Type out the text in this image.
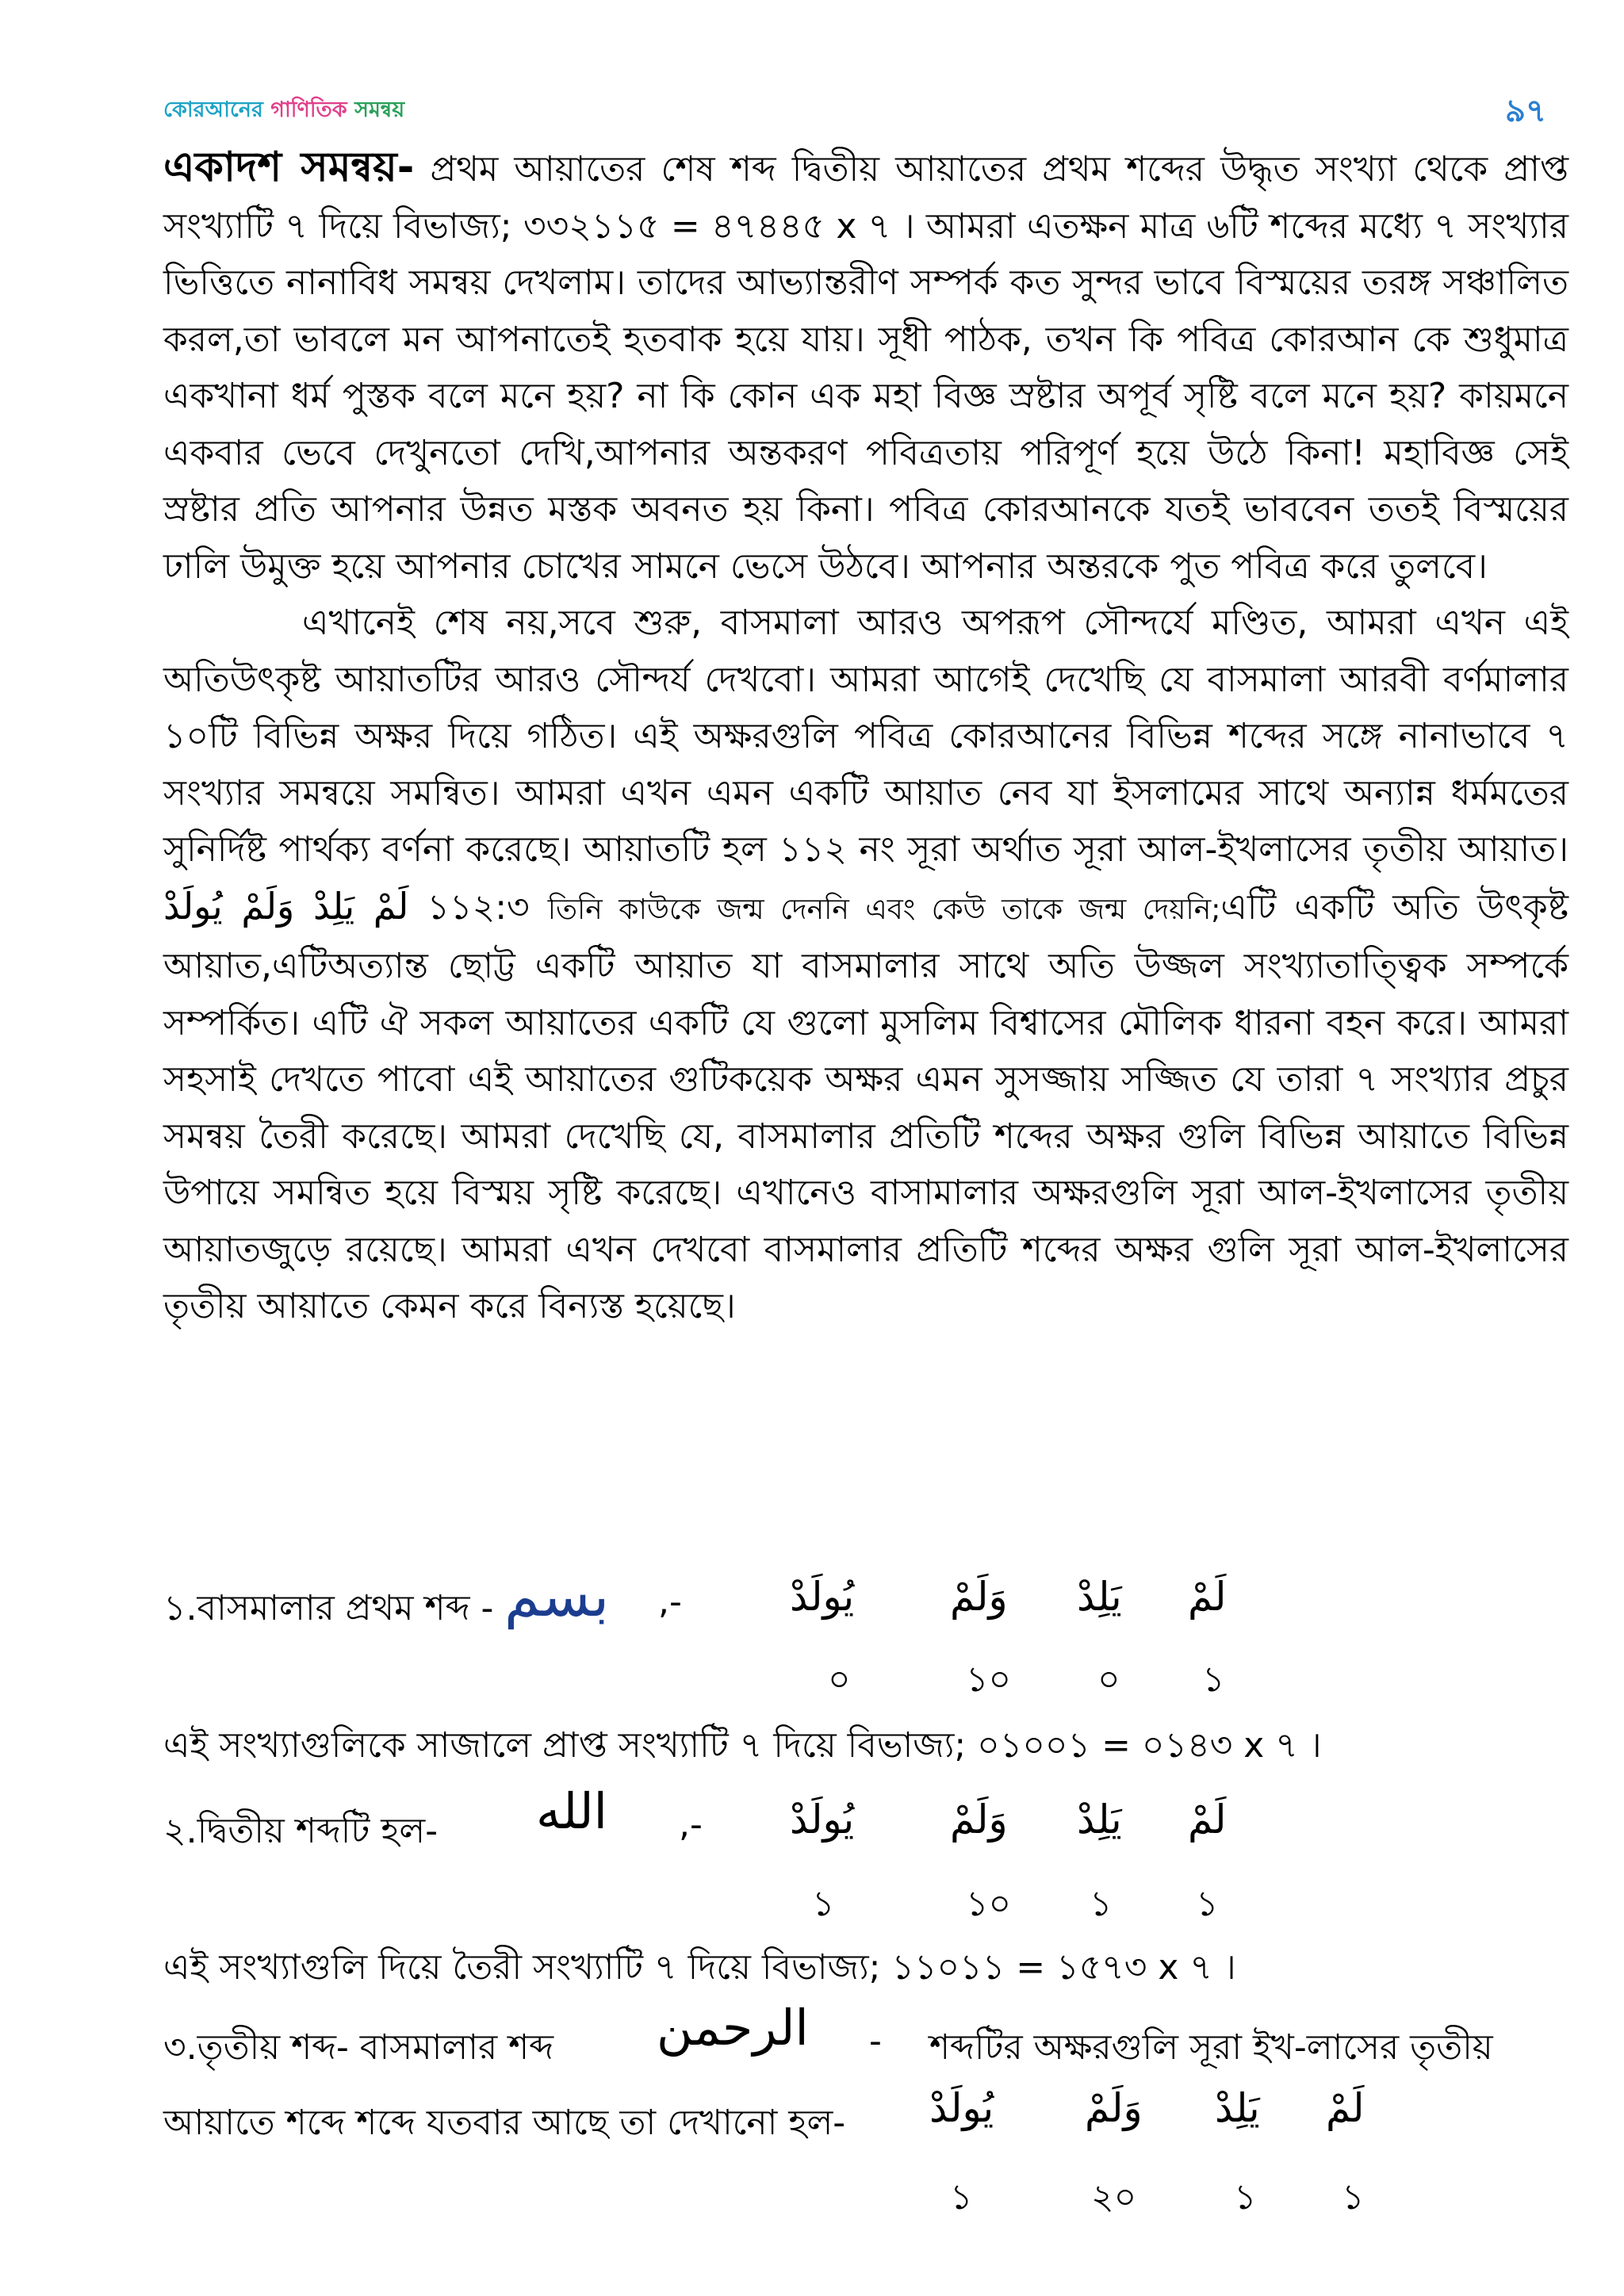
কোরআনের গাণিতিক সমন্বয়	৯৭

একাদশ সমন্বয়- প্রথম আয়াতের শেষ শব্দ দ্বিতীয় আয়াতের প্রথম শব্দের উদ্ধৃত সংখ্যা থেকে প্রাপ্ত সংখ্যাটি ৭ দিয়ে বিভাজ্য; ৩৩২১১৫ = ৪৭৪৪৫ x ৭ । আমরা এতক্ষন মাত্র ৬টি শব্দের মধ্যে ৭ সংখ্যার ভিত্তিতে নানাবিধ সমন্বয় দেখলাম। তাদের আভ্যান্তরীণ সম্পর্ক কত সুন্দর ভাবে বিস্ময়ের তরঙ্গ সঞ্চালিত করল,তা ভাবলে মন আপনাতেই হতবাক হয়ে যায়। সূধী পাঠক, তখন কি পবিত্র কোরআন কে শুধুমাত্র একখানা ধর্ম পুস্তক বলে মনে হয়? না কি কোন এক মহা বিজ্ঞ স্রষ্টার অপূর্ব সৃষ্টি বলে মনে হয়? কায়মনে একবার ভেবে দেখুনতো দেখি,আপনার অন্তকরণ পবিত্রতায় পরিপূর্ণ হয়ে উঠে কিনা! মহাবিজ্ঞ সেই স্রষ্টার প্রতি আপনার উন্নত মস্তক অবনত হয় কিনা। পবিত্র কোরআনকে যতই ভাববেন ততই বিস্ময়ের ঢালি উমুক্ত হয়ে আপনার চোখের সামনে ভেসে উঠবে। আপনার অন্তরকে পুত পবিত্র করে তুলবে।

এখানেই শেষ নয়,সবে শুরু, বাসমালা আরও অপরূপ সৌন্দর্যে মণ্ডিত, আমরা এখন এই অতিউৎকৃষ্ট আয়াতটির আরও সৌন্দর্য দেখবো। আমরা আগেই দেখেছি যে বাসমালা আরবী বর্ণমালার ১০টি বিভিন্ন অক্ষর দিয়ে গঠিত। এই অক্ষরগুলি পবিত্র কোরআনের বিভিন্ন শব্দের সঙ্গে নানাভাবে ৭ সংখ্যার সমন্বয়ে সমন্বিত। আমরা এখন এমন একটি আয়াত নেব যা ইসলামের সাথে অন্যান্ন ধর্মমতের সুনির্দিষ্ট পার্থক্য বর্ণনা করেছে। আয়াতটি হল ১১২ নং সূরা অর্থাত সূরা আল-ইখলাসের তৃতীয় আয়াত। لَمْ يَلِدْ وَلَمْ يُولَدْ ১১২:৩ তিনি কাউকে জন্ম দেননি এবং কেউ তাকে জন্ম দেয়নি;এটি একটি অতি উৎকৃষ্ট আয়াত,এটিঅত্যান্ত ছোট্ট একটি আয়াত যা বাসমালার সাথে অতি উজ্জল সংখ্যাতাত্ত্বিক সম্পর্কে সম্পর্কিত। এটি ঐ সকল আয়াতের একটি যে গুলো মুসলিম বিশ্বাসের মৌলিক ধারনা বহন করে। আমরা সহসাই দেখতে পাবো এই আয়াতের গুটিকয়েক অক্ষর এমন সুসজ্জায় সজ্জিত যে তারা ৭ সংখ্যার প্রচুর সমন্বয় তৈরী করেছে। আমরা দেখেছি যে, বাসমালার প্রতিটি শব্দের অক্ষর গুলি বিভিন্ন আয়াতে বিভিন্ন উপায়ে সমন্বিত হয়ে বিস্ময় সৃষ্টি করেছে। এখানেও বাসামালার অক্ষরগুলি সূরা আল-ইখলাসের তৃতীয় আয়াতজুড়ে রয়েছে। আমরা এখন দেখবো বাসমালার প্রতিটি শব্দের অক্ষর গুলি সূরা আল-ইখলাসের তৃতীয় আয়াতে কেমন করে বিন্যস্ত হয়েছে।

১.বাসমালার প্রথম শব্দ - بسم ,-	يُولَدْ وَلَمْ يَلِدْ لَمْ
০	১০ ০ ১
এই সংখ্যাগুলিকে সাজালে প্রাপ্ত সংখ্যাটি ৭ দিয়ে বিভাজ্য; ০১০০১ = ০১৪৩ x ৭ ।
২.দ্বিতীয় শব্দটি হল- الله ,- يُولَدْ وَلَمْ يَلِدْ لَمْ
১	১০ ১ ১
এই সংখ্যাগুলি দিয়ে তৈরী সংখ্যাটি ৭ দিয়ে বিভাজ্য; ১১০১১ = ১৫৭৩ x ৭ ।
৩.তৃতীয় শব্দ- বাসমালার শব্দ الرحمن - শব্দটির অক্ষরগুলি সূরা ইখ-লাসের তৃতীয়
আয়াতে শব্দে শব্দে যতবার আছে তা দেখানো হল- يُولَدْ وَلَمْ يَلِدْ لَمْ
১	২০	১ ১
